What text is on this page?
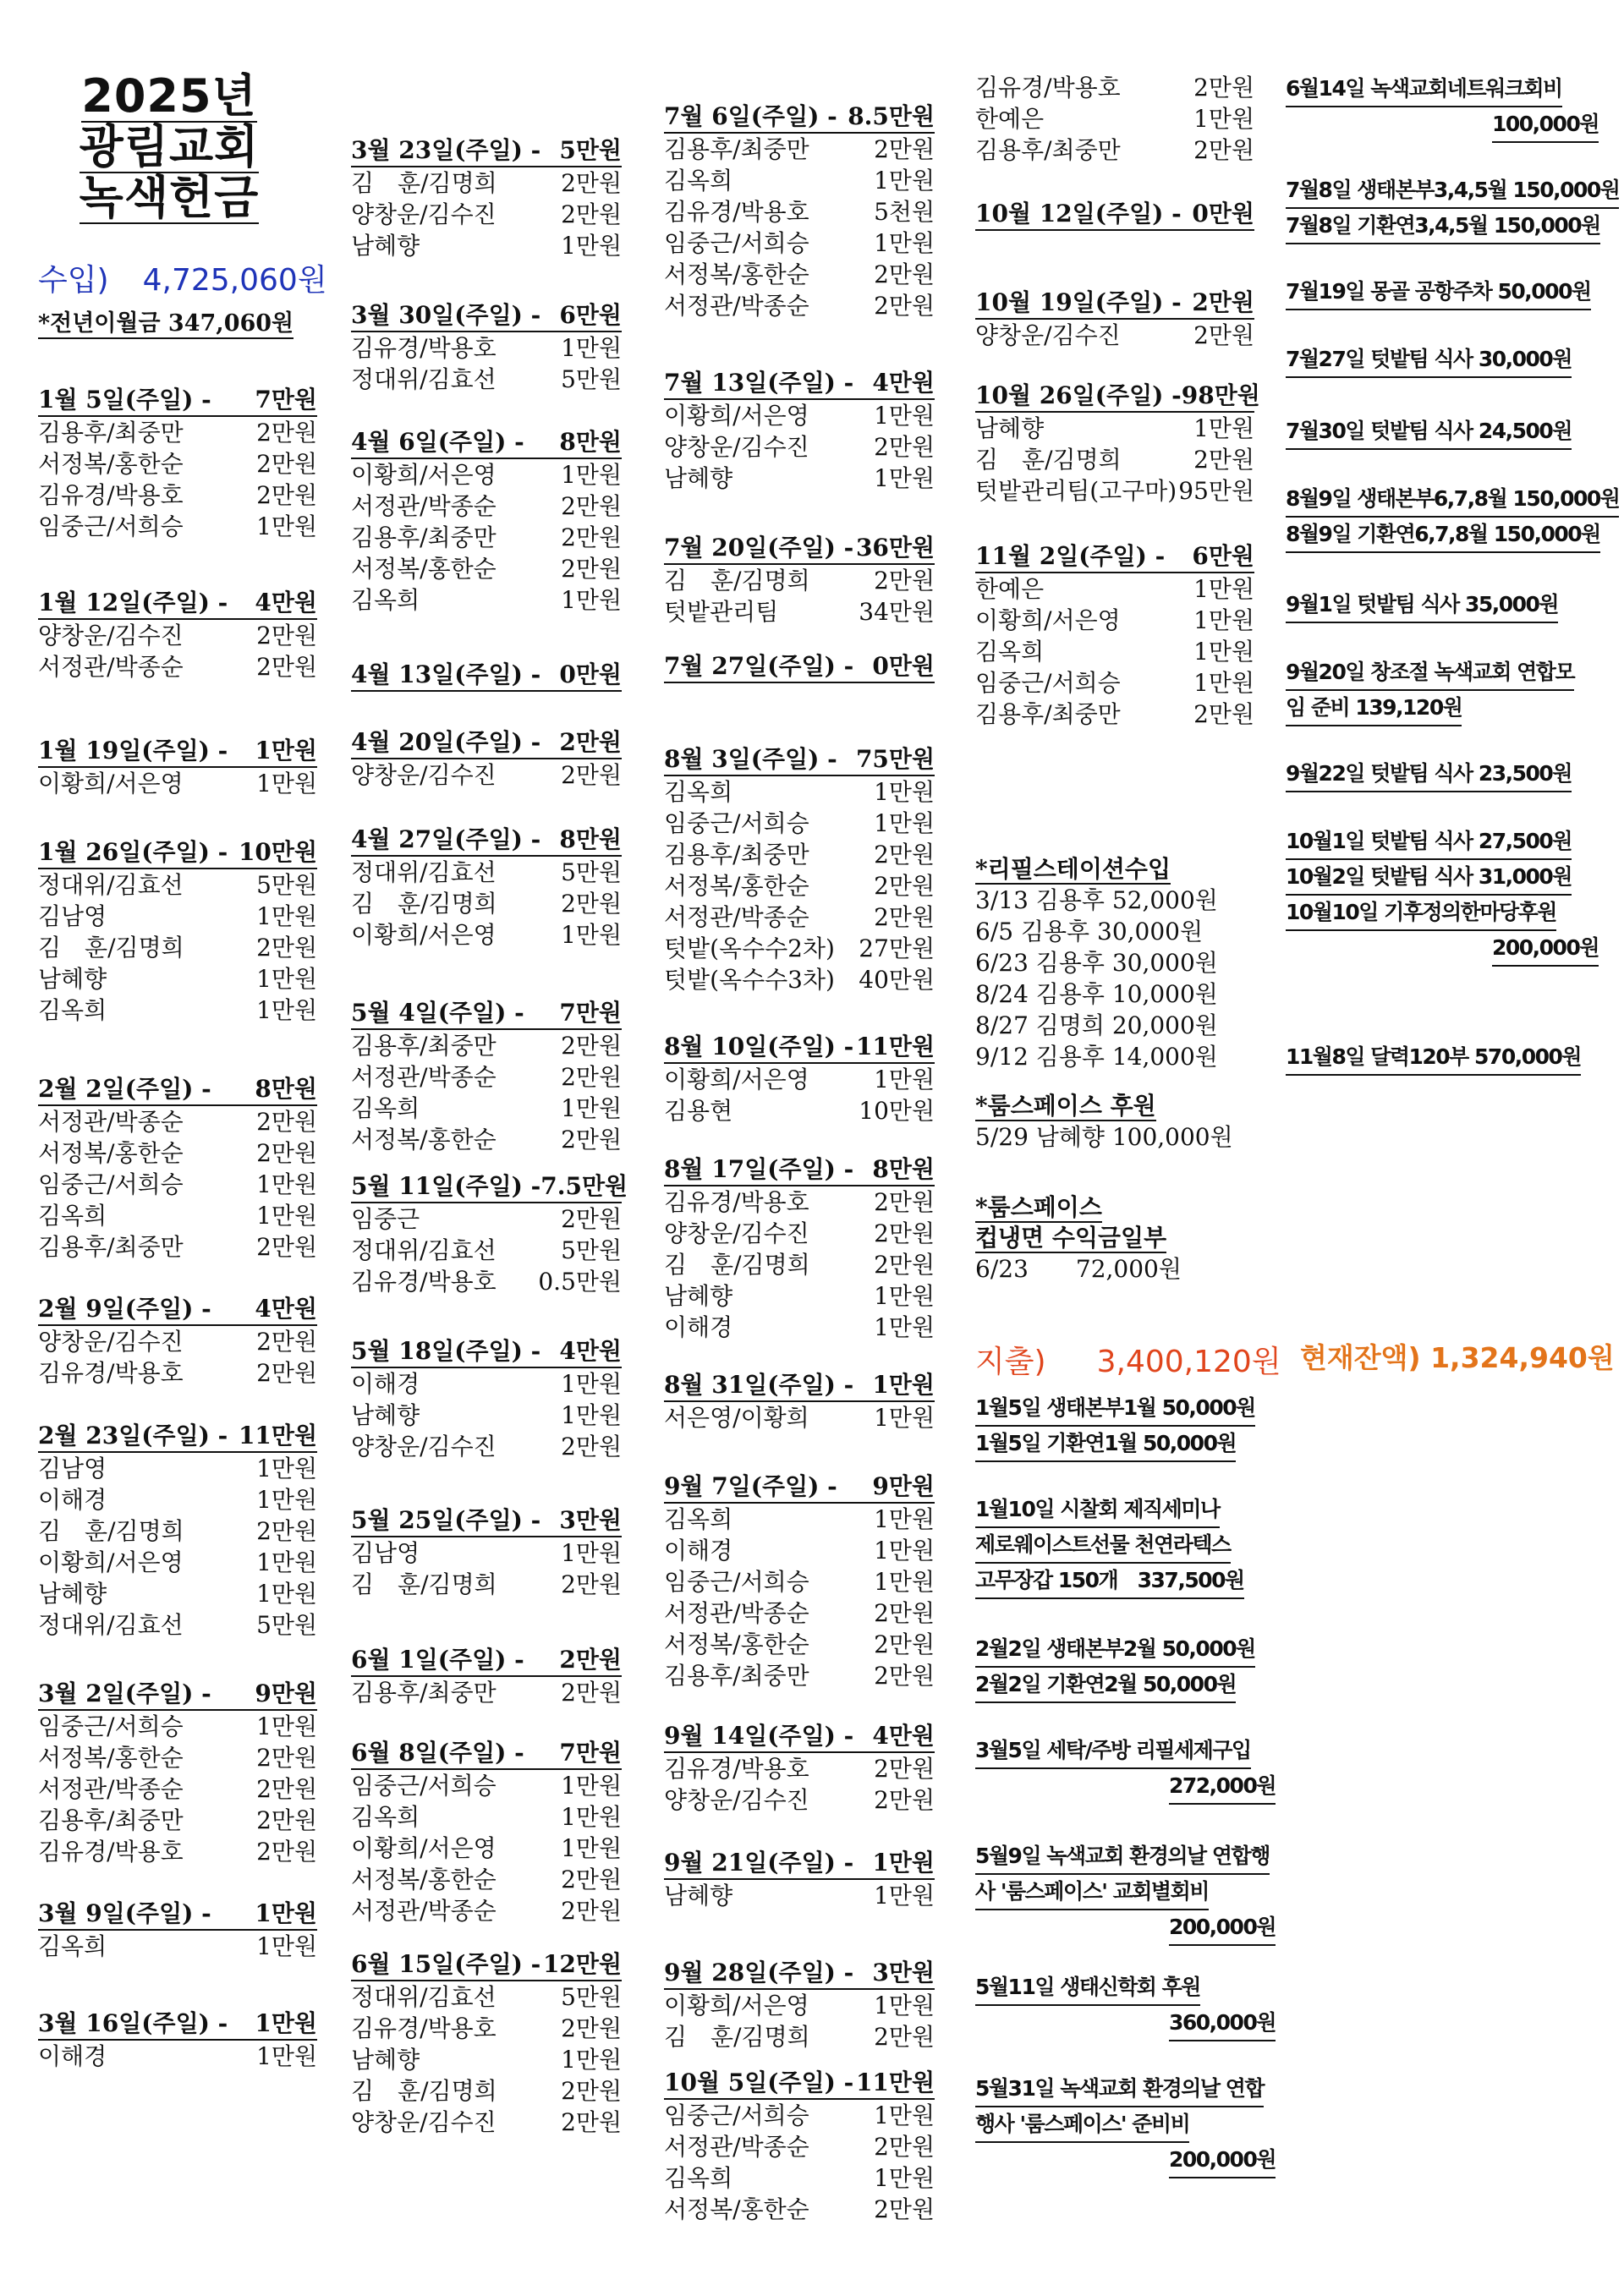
2025년
광림교회
녹색헌금
수입) 4,725,060원
*전년이월금 347,060원
1월 5일(주일) - 7만원
김용후/최중만	2만원
서정복/홍한순	2만원
김유경/박용호	2만원
임중근/서희승	1만원
1월 12일(주일) - 4만원
양창운/김수진	2만원
서정관/박종순	2만원
1월 19일(주일) - 1만원
이황희/서은영	1만원
1월 26일(주일) - 10만원
정대위/김효선	5만원
김남영	1만원
김　훈/김명희	2만원
남혜향	1만원
김옥희	1만원
2월 2일(주일) - 8만원
서정관/박종순	2만원
서정복/홍한순	2만원
임중근/서희승	1만원
김옥희	1만원
김용후/최중만	2만원
2월 9일(주일) - 4만원
양창운/김수진	2만원
김유경/박용호	2만원
2월 23일(주일) - 11만원
김남영	1만원
이해경	1만원
김　훈/김명희	2만원
이황희/서은영	1만원
남혜향	1만원
정대위/김효선	5만원
3월 2일(주일) - 9만원
임중근/서희승	1만원
서정복/홍한순	2만원
서정관/박종순	2만원
김용후/최중만	2만원
김유경/박용호	2만원
3월 9일(주일) - 1만원
김옥희	1만원
3월 16일(주일) - 1만원
이해경	1만원
3월 23일(주일) - 5만원
김　훈/김명희	2만원
양창운/김수진	2만원
남혜향	1만원
3월 30일(주일) - 6만원
김유경/박용호	1만원
정대위/김효선	5만원
4월 6일(주일) - 8만원
이황희/서은영	1만원
서정관/박종순	2만원
김용후/최중만	2만원
서정복/홍한순	2만원
김옥희	1만원
4월 13일(주일) - 0만원
4월 20일(주일) - 2만원
양창운/김수진	2만원
4월 27일(주일) - 8만원
정대위/김효선	5만원
김　훈/김명희	2만원
이황희/서은영	1만원
5월 4일(주일) - 7만원
김용후/최중만	2만원
서정관/박종순	2만원
김옥희	1만원
서정복/홍한순	2만원
5월 11일(주일) - 7.5만원
임중근	2만원
정대위/김효선	5만원
김유경/박용호 0.5만원
5월 18일(주일) - 4만원
이해경	1만원
남혜향	1만원
양창운/김수진	2만원
5월 25일(주일) - 3만원
김남영	1만원
김　훈/김명희	2만원
6월 1일(주일) - 2만원
김용후/최중만	2만원
6월 8일(주일) - 7만원
임중근/서희승	1만원
김옥희	1만원
이황희/서은영	1만원
서정복/홍한순	2만원
서정관/박종순	2만원
6월 15일(주일) - 12만원
정대위/김효선	5만원
김유경/박용호	2만원
남혜향	1만원
김　훈/김명희	2만원
양창운/김수진	2만원
7월 6일(주일) - 8.5만원
김용후/최중만	2만원
김옥희	1만원
김유경/박용호	5천원
임중근/서희승	1만원
서정복/홍한순	2만원
서정관/박종순	2만원
7월 13일(주일) - 4만원
이황희/서은영	1만원
양창운/김수진	2만원
남혜향	1만원
7월 20일(주일) - 36만원
김　훈/김명희	2만원
텃밭관리팀	34만원
7월 27일(주일) - 0만원
8월 3일(주일) - 75만원
김옥희	1만원
임중근/서희승	1만원
김용후/최중만	2만원
서정복/홍한순	2만원
서정관/박종순	2만원
텃밭(옥수수2차) 27만원
텃밭(옥수수3차) 40만원
8월 10일(주일) - 11만원
이황희/서은영	1만원
김용현	10만원
8월 17일(주일) - 8만원
김유경/박용호	2만원
양창운/김수진	2만원
김　훈/김명희	2만원
남혜향	1만원
이해경	1만원
8월 31일(주일) - 1만원
서은영/이황희	1만원
9월 7일(주일) - 9만원
김옥희	1만원
이해경	1만원
임중근/서희승	1만원
서정관/박종순	2만원
서정복/홍한순	2만원
김용후/최중만	2만원
9월 14일(주일) - 4만원
김유경/박용호	2만원
양창운/김수진	2만원
9월 21일(주일) - 1만원
남혜향	1만원
9월 28일(주일) - 3만원
이황희/서은영	1만원
김　훈/김명희	2만원
10월 5일(주일) - 11만원
임중근/서희승	1만원
서정관/박종순	2만원
김옥희	1만원
서정복/홍한순	2만원
*리필스테이션수입
3/13 김용후 52,000원
6/5 김용후 30,000원
6/23 김용후 30,000원
8/24 김용후 10,000원
8/27 김명희 20,000원
9/12 김용후 14,000원
*룸스페이스 후원
5/29 남혜향 100,000원
*룸스페이스
컵냉면 수익금일부
6/23　　72,000원
김유경/박용호	2만원
한예은	1만원
김용후/최중만	2만원
10월 12일(주일) - 0만원
10월 19일(주일) - 2만원
양창운/김수진	2만원
10월 26일(주일) - 98만원
남혜향	1만원
김　훈/김명희	2만원
텃밭관리팀(고구마) 95만원
11월 2일(주일) - 6만원
한예은	1만원
이황희/서은영	1만원
김옥희	1만원
임중근/서희승	1만원
김용후/최중만	2만원
지출) 3,400,120원 현재잔액) 1,324,940원
1월5일 생태본부1월 50,000원
1월5일 기환연1월 50,000원
1월10일 시찰회 제직세미나
제로웨이스트선물 천연라텍스
고무장갑 150개　337,500원
2월2일 생태본부2월 50,000원
2월2일 기환연2월 50,000원
3월5일 세탁/주방 리필세제구입
272,000원
5월9일 녹색교회 환경의날 연합행
사 '룸스페이스' 교회별회비
200,000원
5월11일 생태신학회 후원
360,000원
5월31일 녹색교회 환경의날 연합
행사 '룸스페이스' 준비비
200,000원
6월14일 녹색교회네트워크회비
100,000원
7월8일 생태본부3,4,5월 150,000원
7월8일 기환연3,4,5월 150,000원
7월19일 몽골 공항주차 50,000원
7월27일 텃밭팀 식사 30,000원
7월30일 텃밭팀 식사 24,500원
8월9일 생태본부6,7,8월 150,000원
8월9일 기환연6,7,8월 150,000원
9월1일 텃밭팀 식사 35,000원
9월20일 창조절 녹색교회 연합모
임 준비 139,120원
9월22일 텃밭팀 식사 23,500원
10월1일 텃밭팀 식사 27,500원
10월2일 텃밭팀 식사 31,000원
10월10일 기후정의한마당후원
200,000원
11월8일 달력120부 570,000원
